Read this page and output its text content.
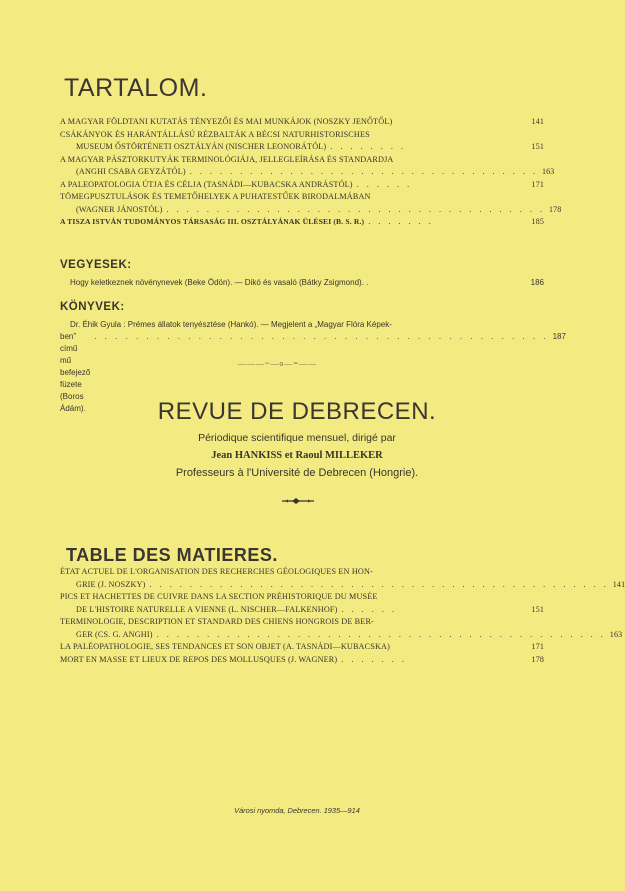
TARTALOM.
A MAGYAR FÖLDTANI KUTATÁS TÉNYEZŐI ÉS MAI MUNKÁJOK (NOSZKY JENŐTŐL)	141
CSÁKÁNYOK ÉS HARÁNTÁLLÁSÚ RÉZBALTÁK A BÉCSI NATURHISTORISCHES
MUSEUM ŐSTÖRTÉNETI OSZTÁLYÁN (NISCHER LEONORÁTÓL) . . . . . . . .	151
A MAGYAR PÁSZTORKUTYÁK TERMINOLÓGIÁJA, JELLEGLEÍRÁSA ÉS STANDARDJA
(ANGHI CSABA GEYZÁTÓL) . . . . . . . . . . . . . . . . . . . . . . . . . . . . . . . . . . . 163
A PALEOPATOLOGIA ÚTJA ÉS CÉLJA (TASNÁDI—KUBACSKA ANDRÁSTÓL) . . . . . .	171
TÖMEGPUSZTULÁSOK ÉS TEMETŐHELYEK A PUHATESTŰEK BIRODALMÁBAN
(WAGNER JÁNOSTÓL) . . . . . . . . . . . . . . . . . . . . . . . . . . . . . . . . . . . . . . 178
A TISZA ISTVÁN TUDOMÁNYOS TÁRSASÁG III. OSZTÁLYÁNAK ÜLÉSEI (B. S. R.) . . . . . . .	185
VEGYESEK:
Hogy keletkeznek növénynevek (Beke Ödön). — Dikó és vasaló (Bátky Zsigmond). .	186
KÖNYVEK:
Dr. Éhik Gyula : Prémes állatok tenyésztése (Hankó). — Megjelent a „Magyar Flóra Képek-
ben” című mű befejező füzete (Boros Ádám).
. . . . . . . . . . . . . . . . . . . . . . . . . . . . . . . . . . . . . . . . . . . . 187
———~—o—=——
REVUE DE DEBRECEN.
Périodique scientifique mensuel, dirigé par
Jean HANKISS et Raoul MILLEKER
Professeurs à l'Université de Debrecen (Hongrie).
TABLE DES MATIERES.
ÉTAT ACTUEL DE L'ORGANISATION DES RECHERCHES GÉOLOGIQUES EN HON-
GRIE (J. NOSZKY) . . . . . . . . . . . . . . . . . . . . . . . . . . . . . . . . . . . . . . . . . . . . . . 141
PICS ET HACHETTES DE CUIVRE DANS LA SECTION PRÉHISTORIQUE DU MUSÉE
DE L'HISTOIRE NATURELLE A VIENNE (L. NISCHER—FALKENHOF) . . . . . .	151
TERMINOLOGIE, DESCRIPTION ET STANDARD DES CHIENS HONGROIS DE BER-
GER (CS. G. ANGHI) . . . . . . . . . . . . . . . . . . . . . . . . . . . . . . . . . . . . . . . . . . . . . 163
LA PALÉOPATHOLOGIE, SES TENDANCES ET SON OBJET (A. TASNÁDI—KUBACSKA)	171
MORT EN MASSE ET LIEUX DE REPOS DES MOLLUSQUES (J. WAGNER) . . . . . . .	178
Városi nyomda, Debrecen. 1935—914
